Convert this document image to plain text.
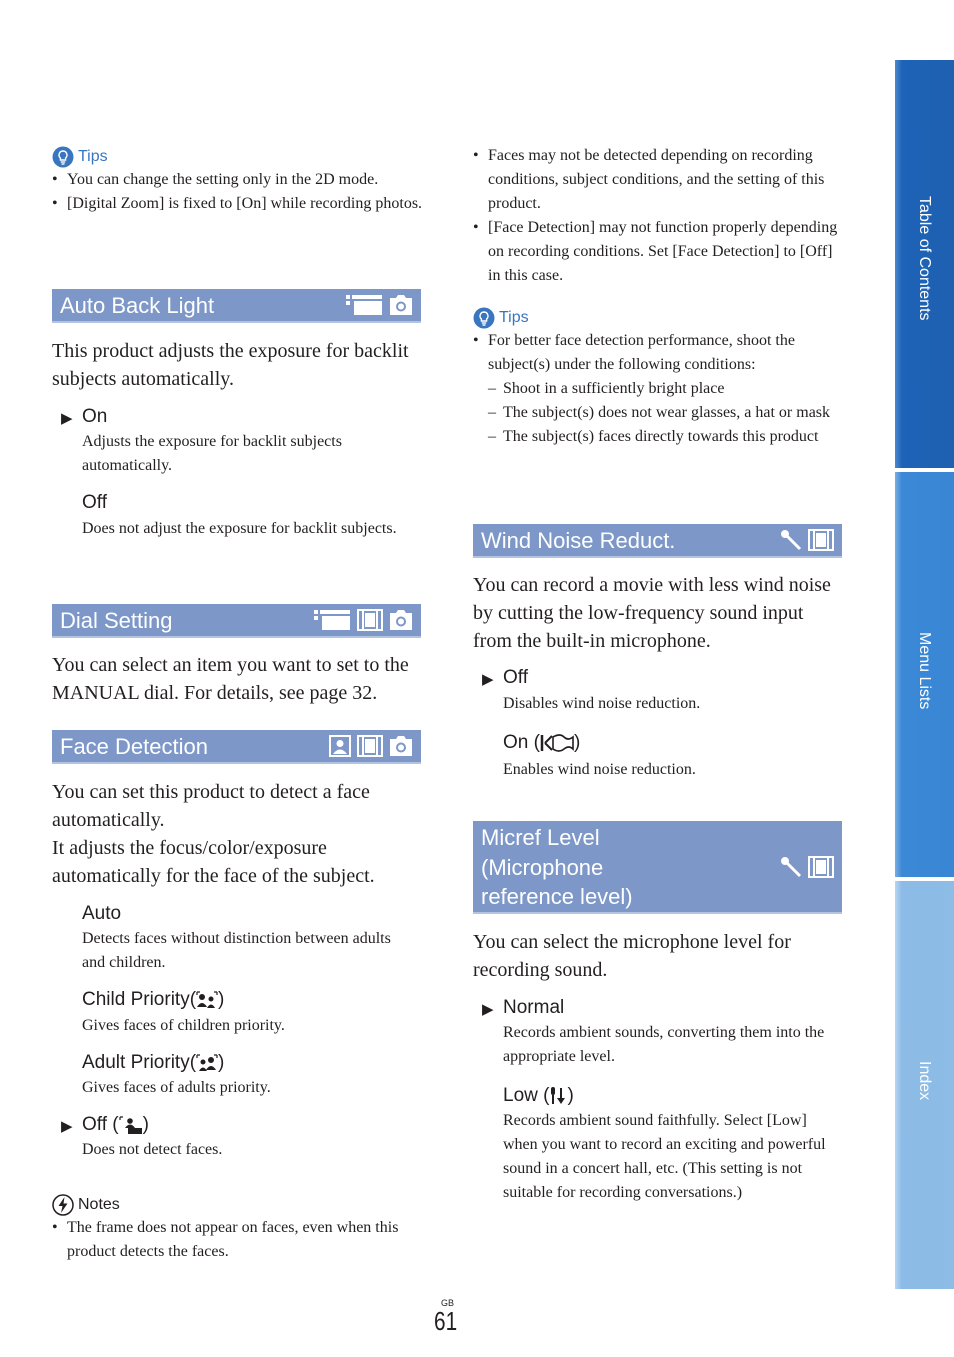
Table of Contents
Menu Lists
Index
Tips
• You can change the setting only in the 2D mode.
• [Digital Zoom] is fixed to [On] while recording photos.
Auto Back Light
This product adjusts the exposure for backlit subjects automatically.
▶ On
Adjusts the exposure for backlit subjects automatically.
Off
Does not adjust the exposure for backlit subjects.
Dial Setting
You can select an item you want to set to the MANUAL dial. For details, see page 32.
Face Detection
You can set this product to detect a face automatically.
It adjusts the focus/color/exposure automatically for the face of the subject.
Auto
Detects faces without distinction between adults and children.
Child Priority( )
Gives faces of children priority.
Adult Priority( )
Gives faces of adults priority.
▶ Off ( )
Does not detect faces.
Notes
• The frame does not appear on faces, even when this product detects the faces.
• Faces may not be detected depending on recording conditions, subject conditions, and the setting of this product.
• [Face Detection] may not function properly depending on recording conditions. Set [Face Detection] to [Off] in this case.
Tips
• For better face detection performance, shoot the subject(s) under the following conditions:
– Shoot in a sufficiently bright place
– The subject(s) does not wear glasses, a hat or mask
– The subject(s) faces directly towards this product
Wind Noise Reduct.
You can record a movie with less wind noise by cutting the low-frequency sound input from the built-in microphone.
▶ Off
Disables wind noise reduction.
On ( )
Enables wind noise reduction.
Micref Level
(Microphone
reference level)
You can select the microphone level for recording sound.
▶ Normal
Records ambient sounds, converting them into the appropriate level.
Low ( )
Records ambient sound faithfully. Select [Low] when you want to record an exciting and powerful sound in a concert hall, etc. (This setting is not suitable for recording conversations.)
GB
61
